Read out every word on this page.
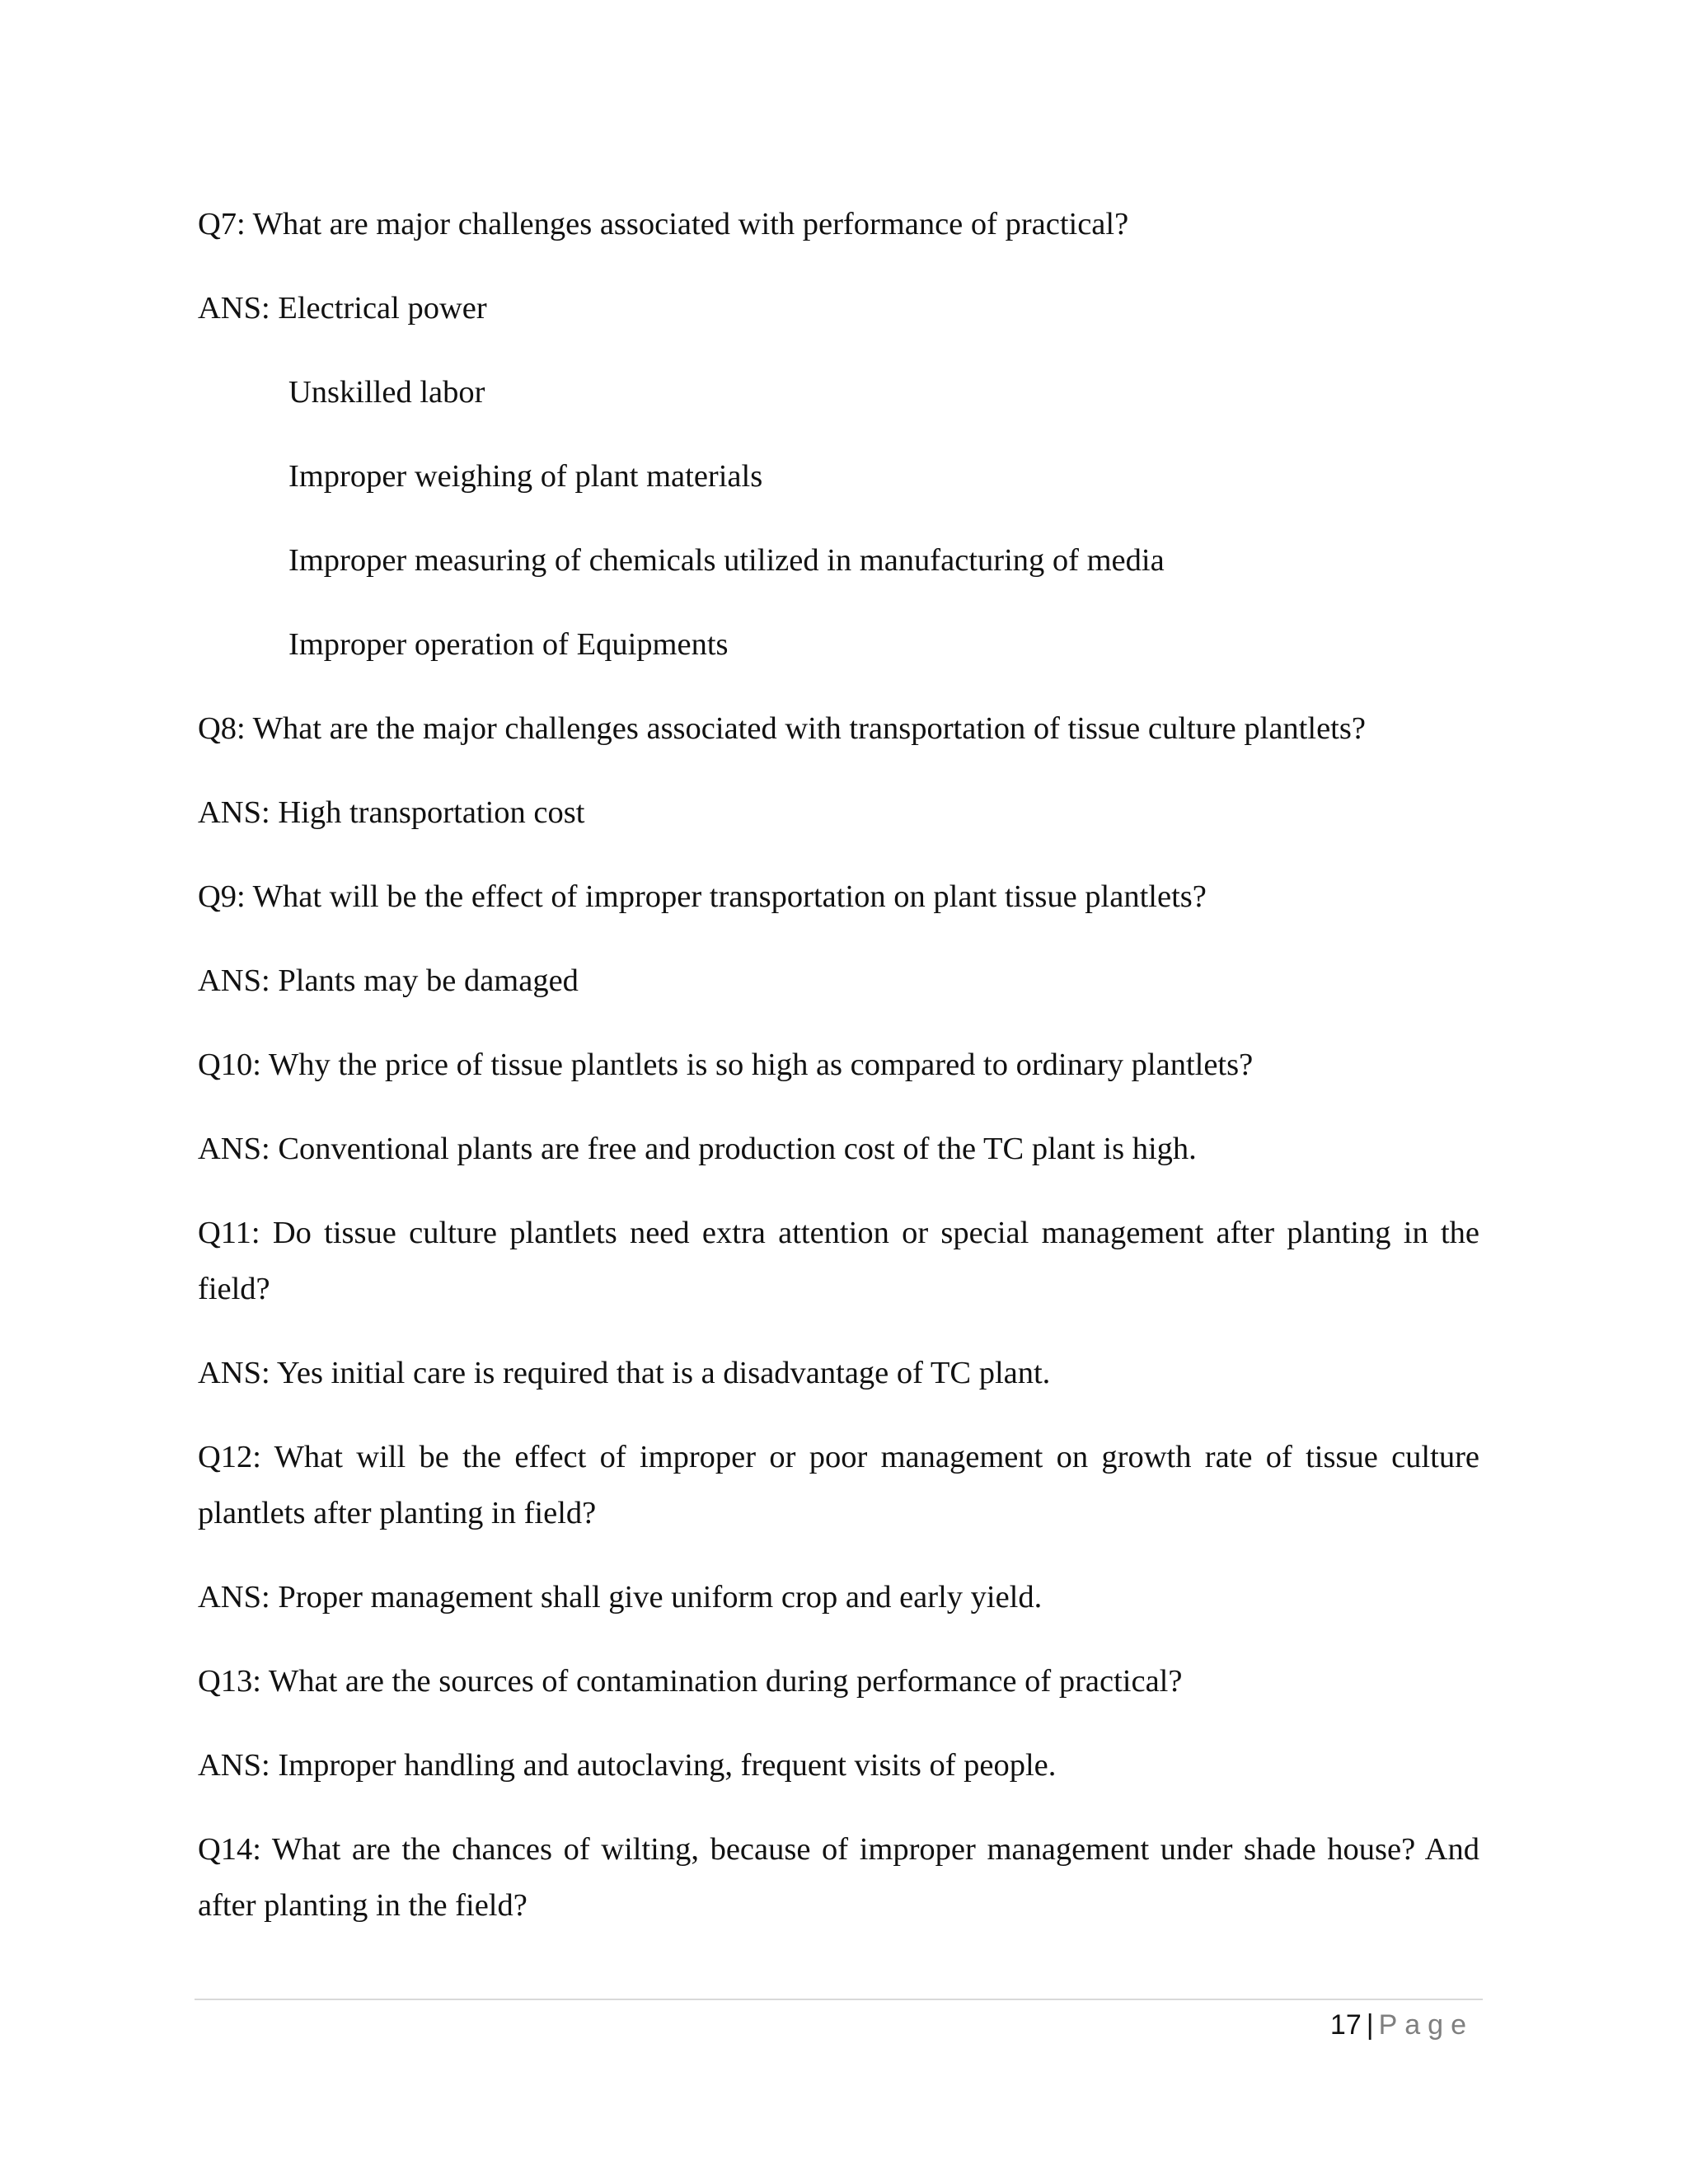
Q7: What are major challenges associated with performance of practical?

ANS: Electrical power

Unskilled labor

Improper weighing of plant materials

Improper measuring of chemicals utilized in manufacturing of media

Improper operation of Equipments

Q8: What are the major challenges associated with transportation of tissue culture plantlets?

ANS: High transportation cost

Q9: What will be the effect of improper transportation on plant tissue plantlets?

ANS: Plants may be damaged

Q10: Why the price of tissue plantlets is so high as compared to ordinary plantlets?

ANS: Conventional plants are free and production cost of the TC plant is high.

Q11: Do tissue culture plantlets need extra attention or special management after planting in the field?

ANS: Yes initial care is required that is a disadvantage of TC plant.

Q12: What will be the effect of improper or poor management on growth rate of tissue culture plantlets after planting in field?

ANS: Proper management shall give uniform crop and early yield.

Q13: What are the sources of contamination during performance of practical?

ANS: Improper handling and autoclaving, frequent visits of people.

Q14: What are the chances of wilting, because of improper management under shade house? And after planting in the field?

17 | Page
